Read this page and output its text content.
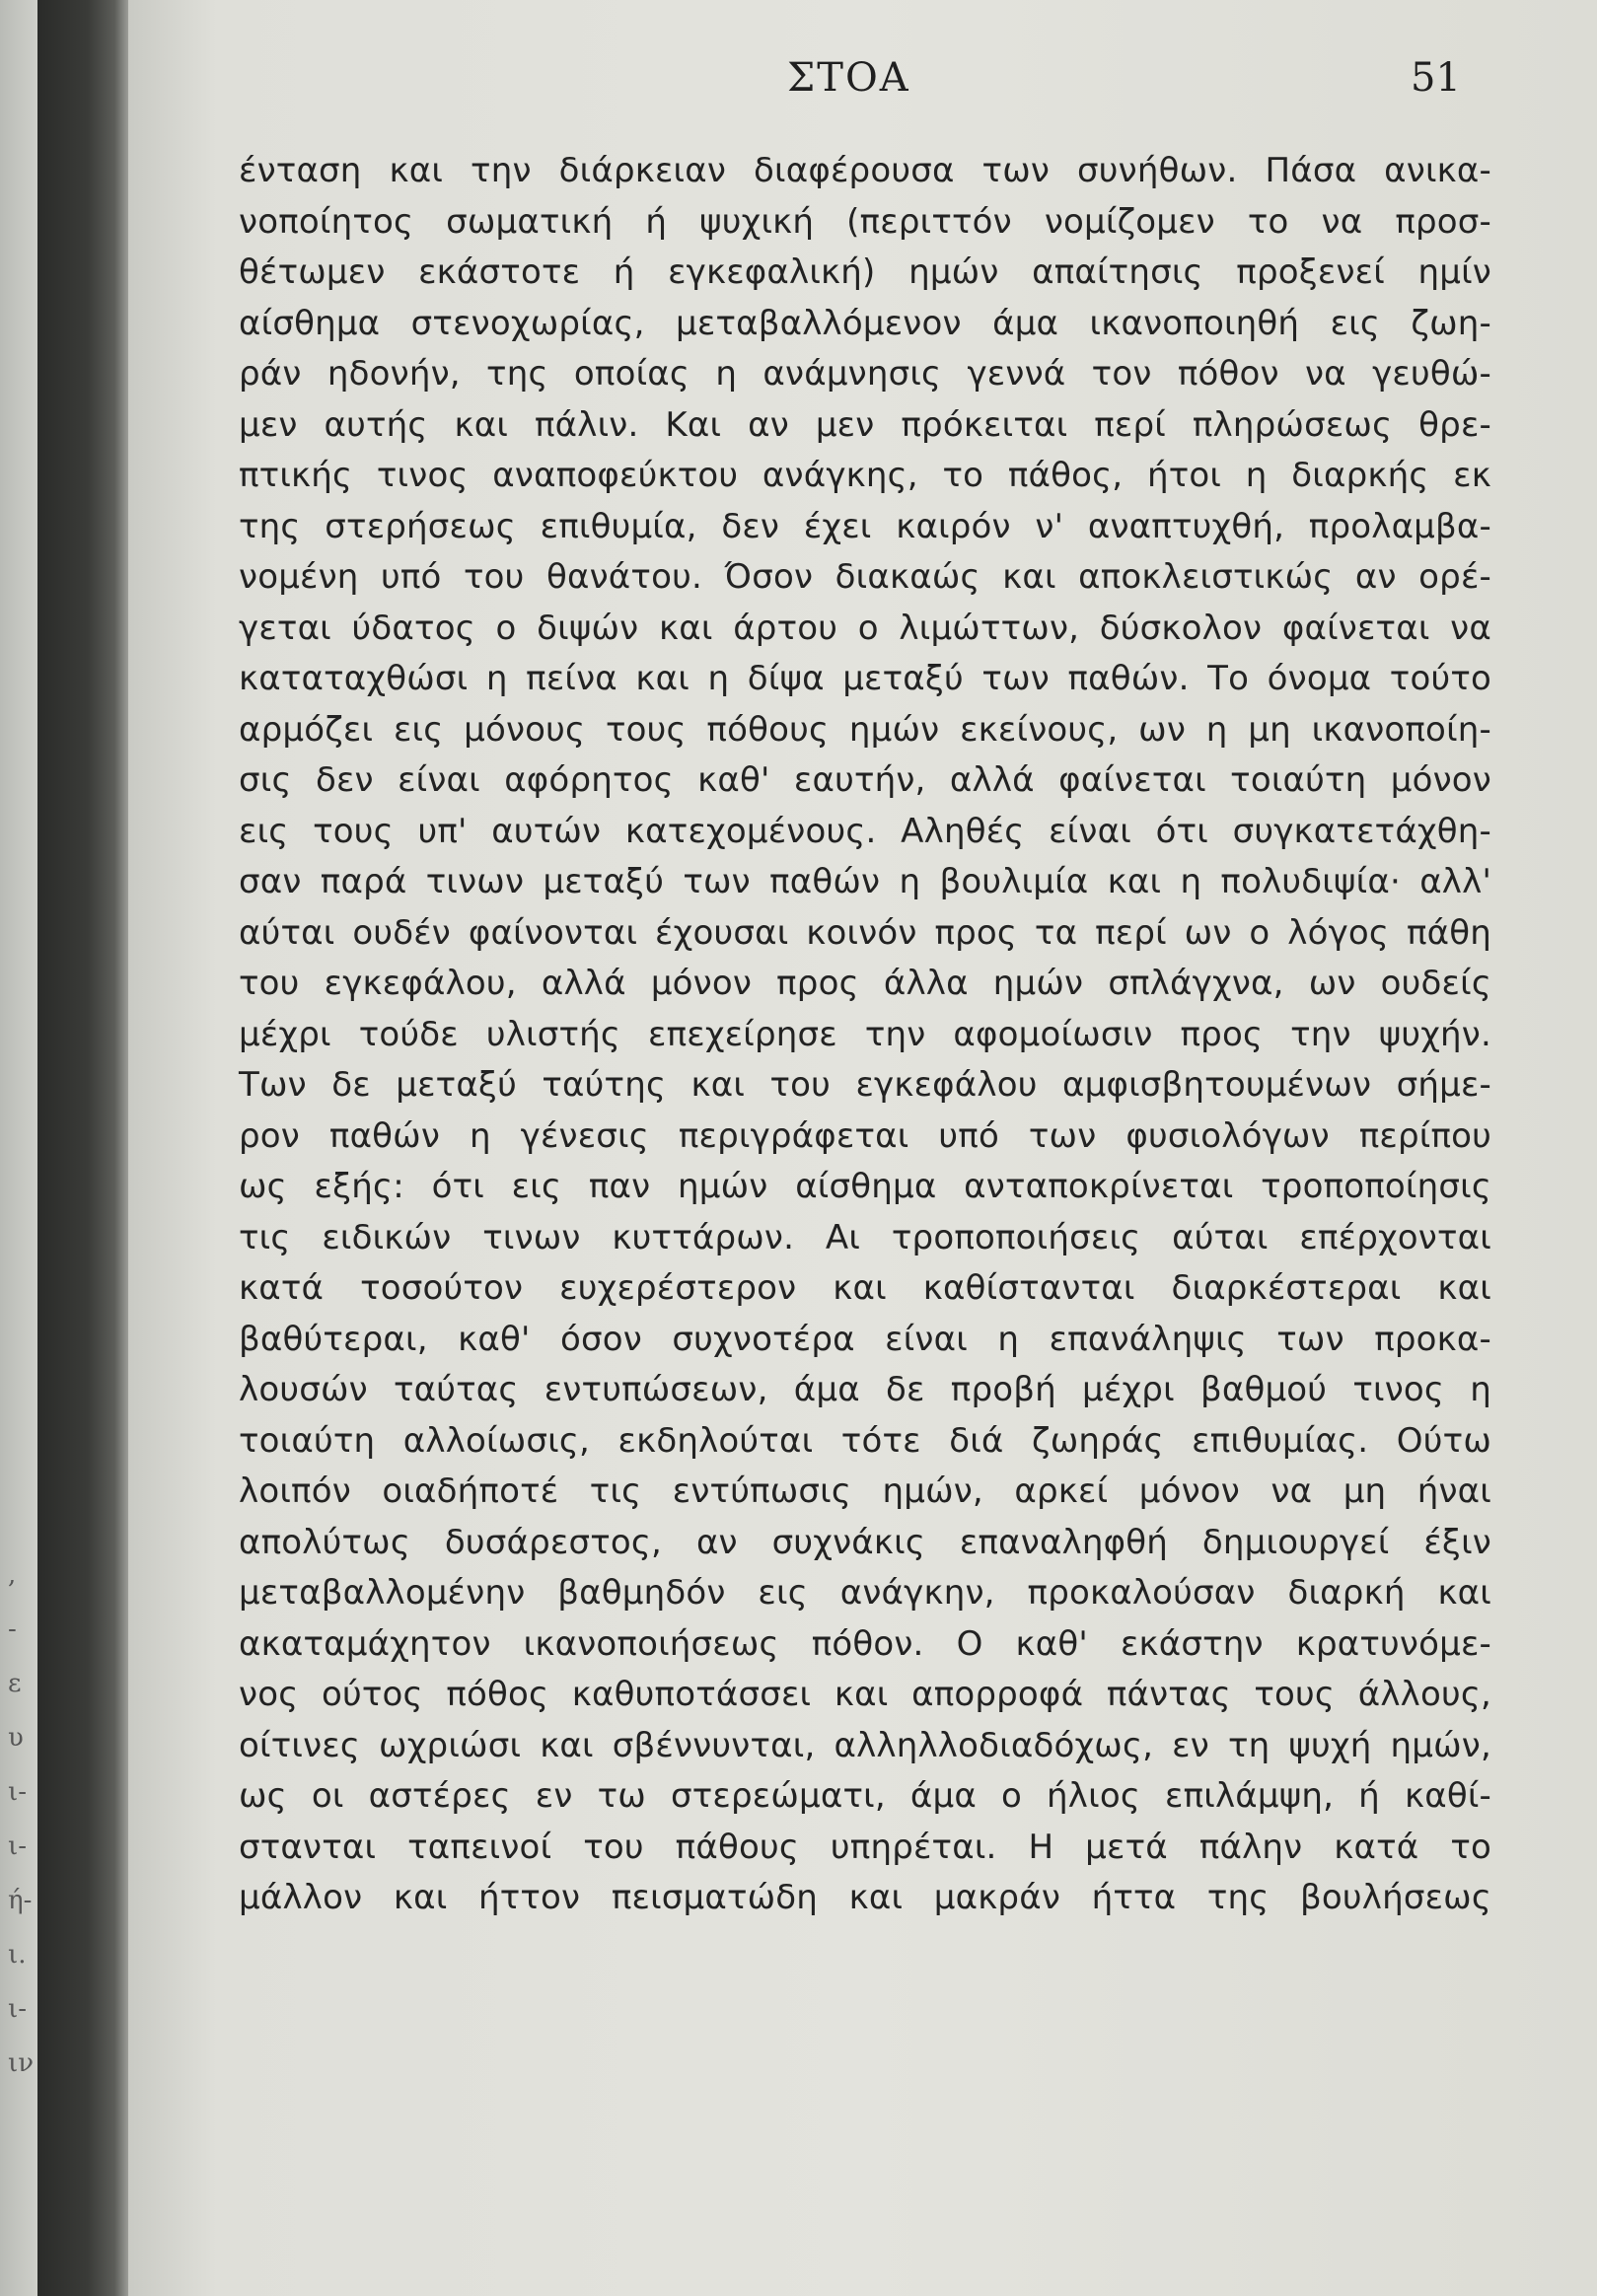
,
-
ε
υ
ι-
ι-
ή-
ι.
ι-
ιν
ΣΤΟΑ	51
ένταση και την διάρκειαν διαφέρουσα των συνήθων. Πάσα ανικα-
νοποίητος σωματική ή ψυχική (περιττόν νομίζομεν το να προσ-
θέτωμεν εκάστοτε ή εγκεφαλική) ημών απαίτησις προξενεί ημίν
αίσθημα στενοχωρίας, μεταβαλλόμενον άμα ικανοποιηθή εις ζωη-
ράν ηδονήν, της οποίας η ανάμνησις γεννά τον πόθον να γευθώ-
μεν αυτής και πάλιν. Και αν μεν πρόκειται περί πληρώσεως θρε-
πτικής τινος αναποφεύκτου ανάγκης, το πάθος, ήτοι η διαρκής εκ
της στερήσεως επιθυμία, δεν έχει καιρόν ν' αναπτυχθή, προλαμβα-
νομένη υπό του θανάτου. Όσον διακαώς και αποκλειστικώς αν ορέ-
γεται ύδατος ο διψών και άρτου ο λιμώττων, δύσκολον φαίνεται να
καταταχθώσι η πείνα και η δίψα μεταξύ των παθών. Το όνομα τούτο
αρμόζει εις μόνους τους πόθους ημών εκείνους, ων η μη ικανοποίη-
σις δεν είναι αφόρητος καθ' εαυτήν, αλλά φαίνεται τοιαύτη μόνον
εις τους υπ' αυτών κατεχομένους. Αληθές είναι ότι συγκατετάχθη-
σαν παρά τινων μεταξύ των παθών η βουλιμία και η πολυδιψία· αλλ'
αύται ουδέν φαίνονται έχουσαι κοινόν προς τα περί ων ο λόγος πάθη
του εγκεφάλου, αλλά μόνον προς άλλα ημών σπλάγχνα, ων ουδείς
μέχρι τούδε υλιστής επεχείρησε την αφομοίωσιν προς την ψυχήν.
Των δε μεταξύ ταύτης και του εγκεφάλου αμφισβητουμένων σήμε-
ρον παθών η γένεσις περιγράφεται υπό των φυσιολόγων περίπου
ως εξής: ότι εις παν ημών αίσθημα ανταποκρίνεται τροποποίησις
τις ειδικών τινων κυττάρων. Αι τροποποιήσεις αύται επέρχονται
κατά τοσούτον ευχερέστερον και καθίστανται διαρκέστεραι και
βαθύτεραι, καθ' όσον συχνοτέρα είναι η επανάληψις των προκα-
λουσών ταύτας εντυπώσεων, άμα δε προβή μέχρι βαθμού τινος η
τοιαύτη αλλοίωσις, εκδηλούται τότε διά ζωηράς επιθυμίας. Ούτω
λοιπόν οιαδήποτέ τις εντύπωσις ημών, αρκεί μόνον να μη ήναι
απολύτως δυσάρεστος, αν συχνάκις επαναληφθή δημιουργεί έξιν
μεταβαλλομένην βαθμηδόν εις ανάγκην, προκαλούσαν διαρκή και
ακαταμάχητον ικανοποιήσεως πόθον. Ο καθ' εκάστην κρατυνόμε-
νος ούτος πόθος καθυποτάσσει και απορροφά πάντας τους άλλους,
οίτινες ωχριώσι και σβέννυνται, αλληλλοδιαδόχως, εν τη ψυχή ημών,
ως οι αστέρες εν τω στερεώματι, άμα ο ήλιος επιλάμψη, ή καθί-
στανται ταπεινοί του πάθους υπηρέται. Η μετά πάλην κατά το
μάλλον και ήττον πεισματώδη και μακράν ήττα της βουλήσεως
